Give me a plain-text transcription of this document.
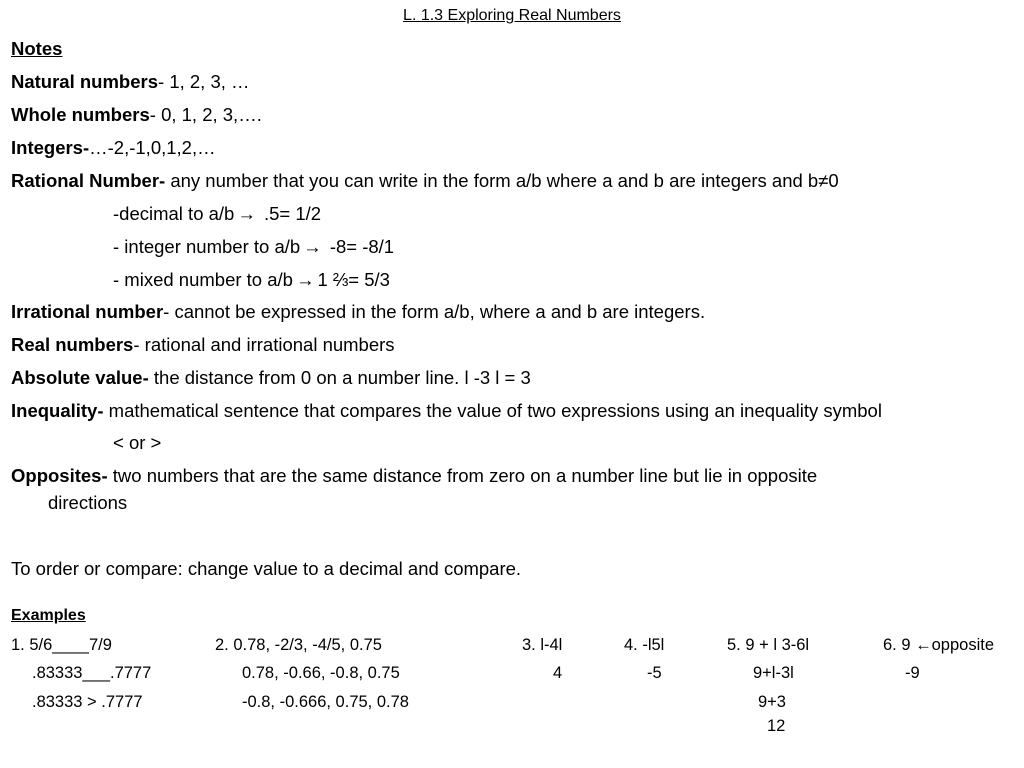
L. 1.3 Exploring Real Numbers
Notes
Natural numbers- 1, 2, 3, …
Whole numbers- 0, 1, 2, 3,….
Integers-…-2,-1,0,1,2,…
Rational Number- any number that you can write in the form a/b where a and b are integers and b≠0
-decimal to a/b → .5= 1/2
- integer number to a/b → -8= -8/1
- mixed number to a/b → 1 ⅔= 5/3
Irrational number- cannot be expressed in the form a/b, where a and b are integers.
Real numbers- rational and irrational numbers
Absolute value- the distance from 0 on a number line. l -3 l = 3
Inequality- mathematical sentence that compares the value of two expressions using an inequality symbol
< or >
Opposites- two numbers that are the same distance from zero on a number line but lie in opposite
directions
To order or compare: change value to a decimal and compare.
Examples
1. 5/6____7/9
.83333___.7777
.83333 > .7777
2. 0.78, -2/3, -4/5, 0.75
0.78, -0.66, -0.8, 0.75
-0.8, -0.666, 0.75, 0.78
3. l-4l
4
4. -l5l
-5
5. 9 + l 3-6l
9+l-3l
9+3
12
6. 9 ←opposite
-9
